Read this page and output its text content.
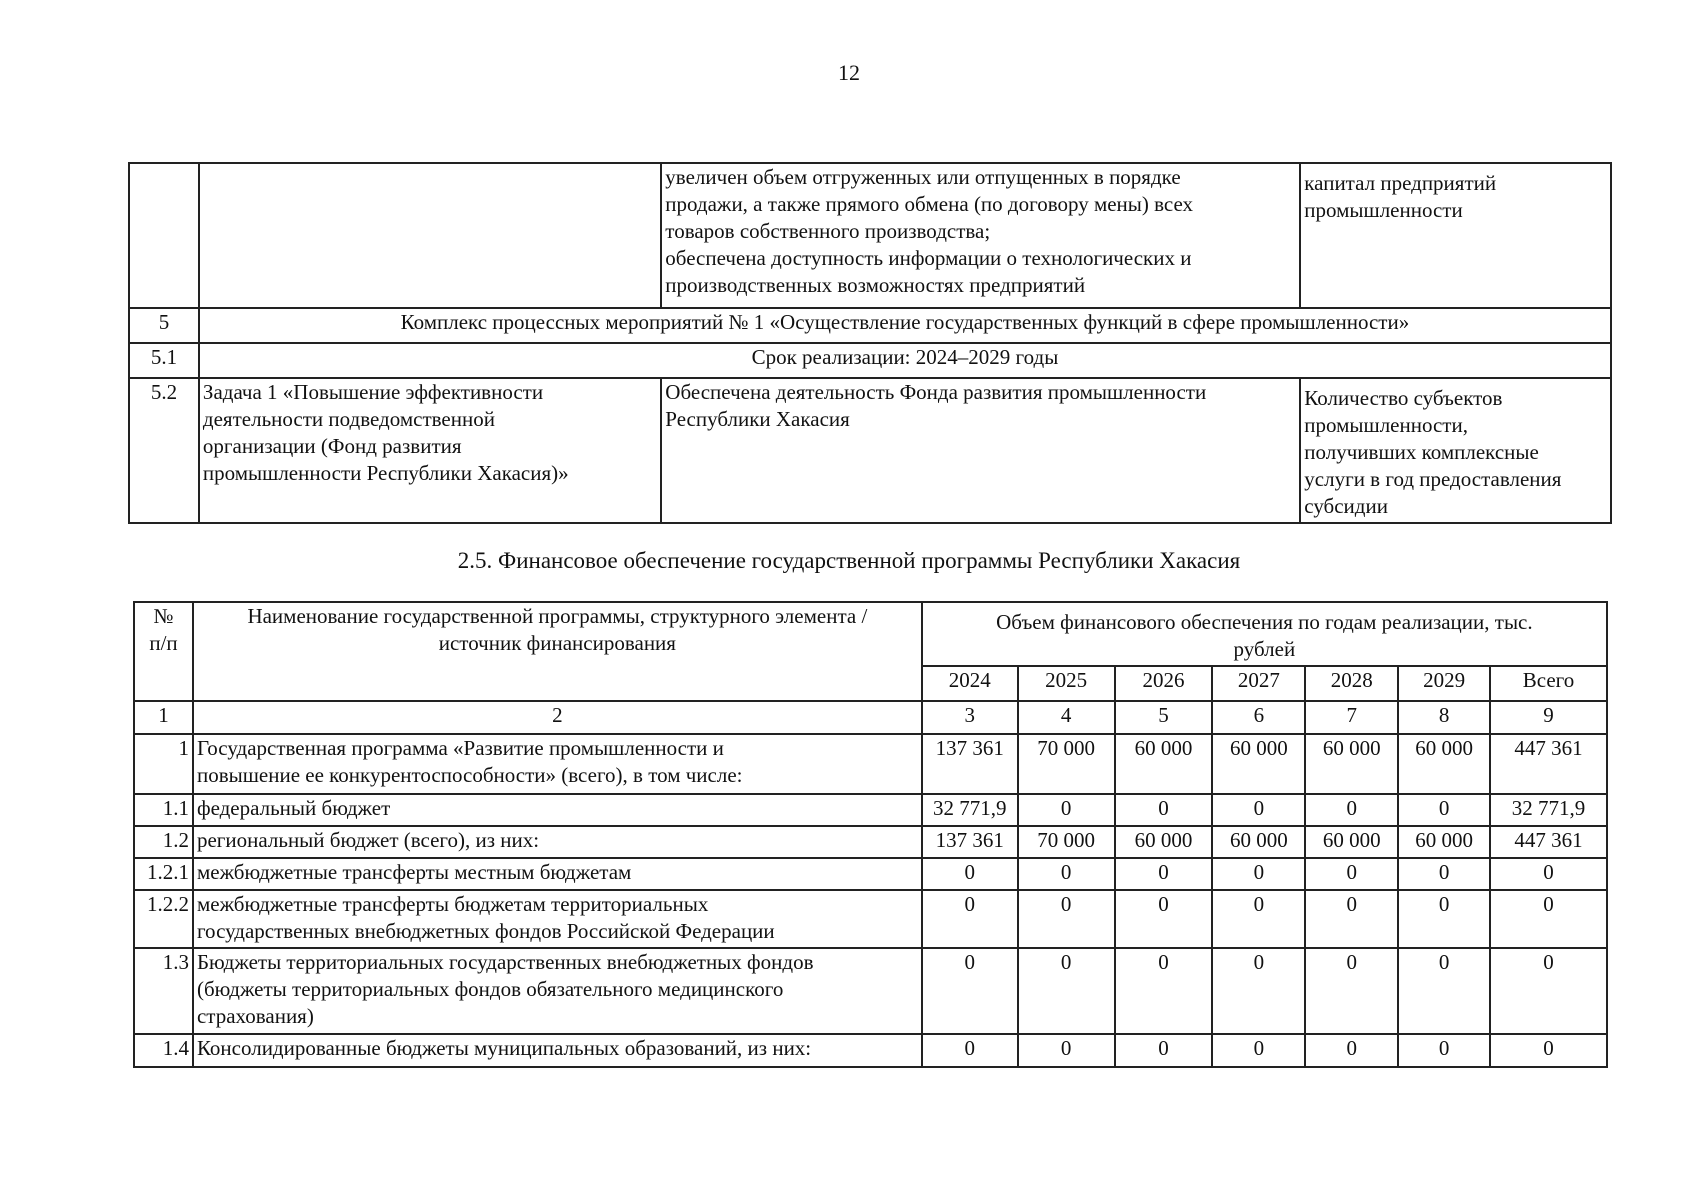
12

		увеличен объем отгруженных или отпущенных в порядке
продажи, а также прямого обмена (по договору мены) всех
товаров собственного производства;
обеспечена доступность информации о технологических и
производственных возможностях предприятий	капитал предприятий
промышленности

5	Комплекс процессных мероприятий № 1 «Осуществление государственных функций в сфере промышленности»		
5.1	Срок реализации: 2024–2029 годы		
5.2	Задача 1 «Повышение эффективности
деятельности подведомственной
организации (Фонд развития
промышленности Республики Хакасия)»	Обеспечена деятельность Фонда развития промышленности
Республики Хакасия	Количество субъектов
промышленности,
получивших комплексные
услуги в год предоставления
субсидии
2.5. Финансовое обеспечение государственной программы Республики Хакасия
№
п/п	Наименование государственной программы, структурного элемента /
источник финансирования	Объем финансового обеспечения по годам реализации, тыс.
рублей						

		2024	2025	2026	2027	2028	2029	Всего
1	2	3	4	5	6	7	8	9
1	Государственная программа «Развитие промышленности и
повышение ее конкурентоспособности» (всего), в том числе:	137 361	70 000	60 000	60 000	60 000	60 000	447 361
1.1	федеральный бюджет	32 771,9	0	0	0	0	0	32 771,9
1.2	региональный бюджет (всего), из них:	137 361	70 000	60 000	60 000	60 000	60 000	447 361
1.2.1	межбюджетные трансферты местным бюджетам	0	0	0	0	0	0	0
1.2.2	межбюджетные трансферты бюджетам территориальных
государственных внебюджетных фондов Российской Федерации	0	0	0	0	0	0	0
1.3	Бюджеты территориальных государственных внебюджетных фондов
(бюджеты территориальных фондов обязательного медицинского
страхования)	0	0	0	0	0	0	0
1.4	Консолидированные бюджеты муниципальных образований, из них:	0	0	0	0	0	0	0
